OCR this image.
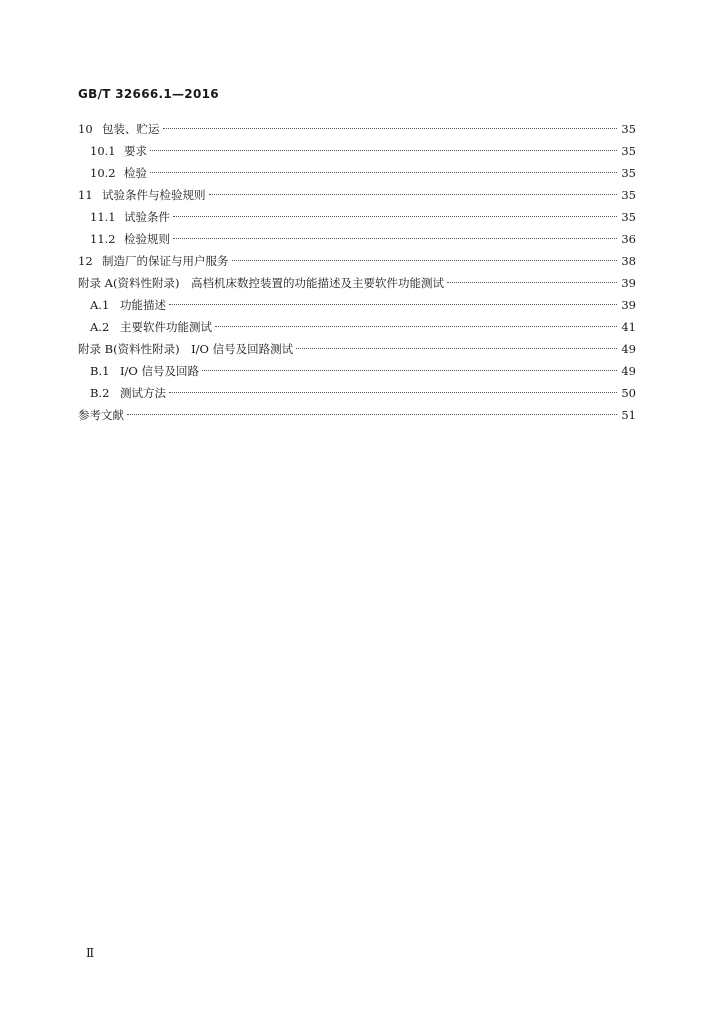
GB/T 32666.1—2016
10 包装、贮运	35
10.1 要求	35
10.2 检验	35
11 试验条件与检验规则	35
11.1 试验条件	35
11.2 检验规则	36
12 制造厂的保证与用户服务	38
附录 A (资料性附录)　高档机床数控装置的功能描述及主要软件功能测试	39
A.1 功能描述	39
A.2 主要软件功能测试	41
附录 B (资料性附录)　I/O 信号及回路测试	49
B.1 I/O 信号及回路	49
B.2 测试方法	50
参考文献	51
Ⅱ
